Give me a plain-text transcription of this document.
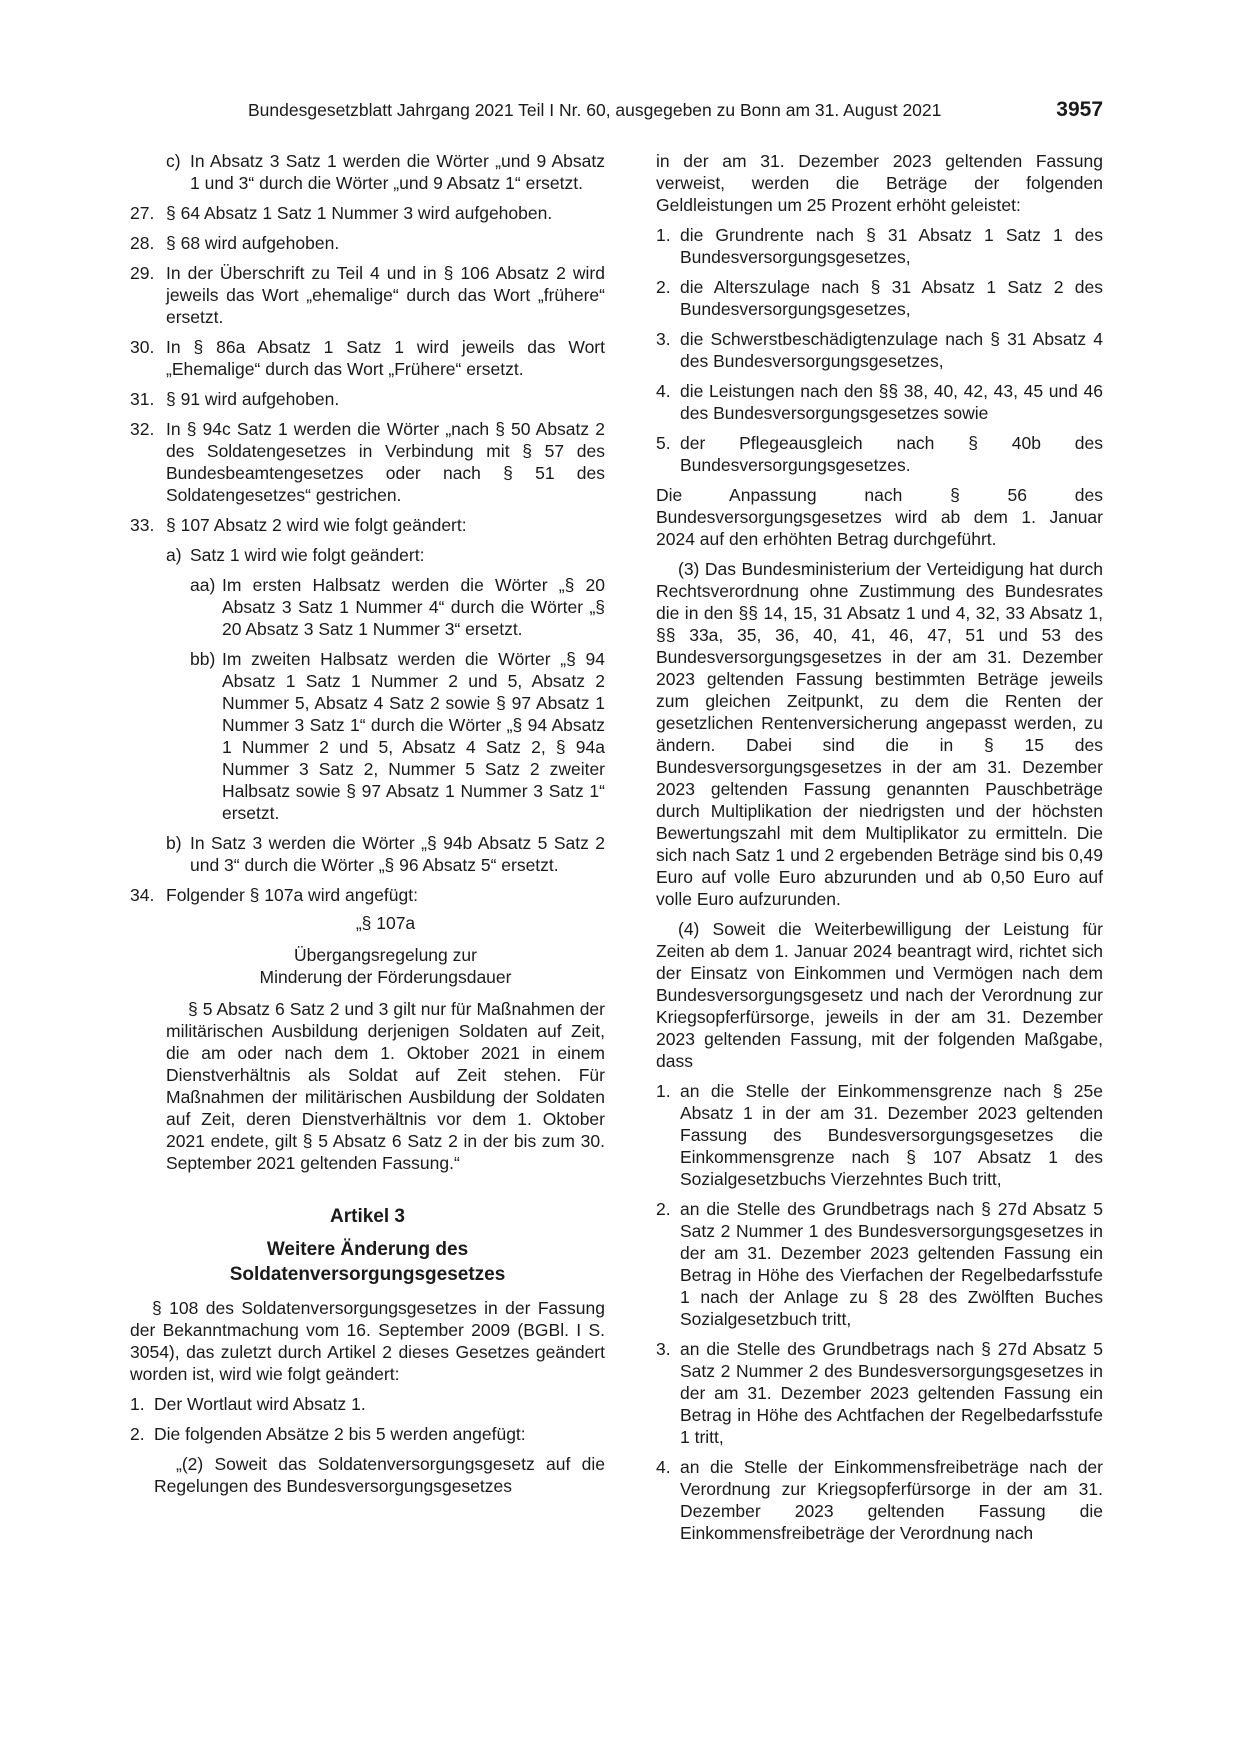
Bundesgesetzblatt Jahrgang 2021 Teil I Nr. 60, ausgegeben zu Bonn am 31. August 2021	3957
c) In Absatz 3 Satz 1 werden die Wörter „und 9 Absatz 1 und 3“ durch die Wörter „und 9 Absatz 1“ ersetzt.
27. § 64 Absatz 1 Satz 1 Nummer 3 wird aufgehoben.
28. § 68 wird aufgehoben.
29. In der Überschrift zu Teil 4 und in § 106 Absatz 2 wird jeweils das Wort „ehemalige“ durch das Wort „frühere“ ersetzt.
30. In § 86a Absatz 1 Satz 1 wird jeweils das Wort „Ehemalige“ durch das Wort „Frühere“ ersetzt.
31. § 91 wird aufgehoben.
32. In § 94c Satz 1 werden die Wörter „nach § 50 Absatz 2 des Soldatengesetzes in Verbindung mit § 57 des Bundesbeamtengesetzes oder nach § 51 des Soldatengesetzes“ gestrichen.
33. § 107 Absatz 2 wird wie folgt geändert:
a) Satz 1 wird wie folgt geändert:
aa) Im ersten Halbsatz werden die Wörter „§ 20 Absatz 3 Satz 1 Nummer 4“ durch die Wörter „§ 20 Absatz 3 Satz 1 Nummer 3“ ersetzt.
bb) Im zweiten Halbsatz werden die Wörter „§ 94 Absatz 1 Satz 1 Nummer 2 und 5, Absatz 2 Nummer 5, Absatz 4 Satz 2 sowie § 97 Absatz 1 Nummer 3 Satz 1“ durch die Wörter „§ 94 Absatz 1 Nummer 2 und 5, Absatz 4 Satz 2, § 94a Nummer 3 Satz 2, Nummer 5 Satz 2 zweiter Halbsatz sowie § 97 Absatz 1 Nummer 3 Satz 1“ ersetzt.
b) In Satz 3 werden die Wörter „§ 94b Absatz 5 Satz 2 und 3“ durch die Wörter „§ 96 Absatz 5“ ersetzt.
34. Folgender § 107a wird angefügt:
„§ 107a
Übergangsregelung zur
Minderung der Förderungsdauer
§ 5 Absatz 6 Satz 2 und 3 gilt nur für Maßnahmen der militärischen Ausbildung derjenigen Soldaten auf Zeit, die am oder nach dem 1. Oktober 2021 in einem Dienstverhältnis als Soldat auf Zeit stehen. Für Maßnahmen der militärischen Ausbildung der Soldaten auf Zeit, deren Dienstverhältnis vor dem 1. Oktober 2021 endete, gilt § 5 Absatz 6 Satz 2 in der bis zum 30. September 2021 geltenden Fassung.“
Artikel 3
Weitere Änderung des
Soldatenversorgungsgesetzes
§ 108 des Soldatenversorgungsgesetzes in der Fassung der Bekanntmachung vom 16. September 2009 (BGBl. I S. 3054), das zuletzt durch Artikel 2 dieses Gesetzes geändert worden ist, wird wie folgt geändert:
1. Der Wortlaut wird Absatz 1.
2. Die folgenden Absätze 2 bis 5 werden angefügt:
„(2) Soweit das Soldatenversorgungsgesetz auf die Regelungen des Bundesversorgungsgesetzes
in der am 31. Dezember 2023 geltenden Fassung verweist, werden die Beträge der folgenden Geldleistungen um 25 Prozent erhöht geleistet:
1. die Grundrente nach § 31 Absatz 1 Satz 1 des Bundesversorgungsgesetzes,
2. die Alterszulage nach § 31 Absatz 1 Satz 2 des Bundesversorgungsgesetzes,
3. die Schwerstbeschädigtenzulage nach § 31 Absatz 4 des Bundesversorgungsgesetzes,
4. die Leistungen nach den §§ 38, 40, 42, 43, 45 und 46 des Bundesversorgungsgesetzes sowie
5. der Pflegeausgleich nach § 40b des Bundesversorgungsgesetzes.
Die Anpassung nach § 56 des Bundesversorgungsgesetzes wird ab dem 1. Januar 2024 auf den erhöhten Betrag durchgeführt.
(3) Das Bundesministerium der Verteidigung hat durch Rechtsverordnung ohne Zustimmung des Bundesrates die in den §§ 14, 15, 31 Absatz 1 und 4, 32, 33 Absatz 1, §§ 33a, 35, 36, 40, 41, 46, 47, 51 und 53 des Bundesversorgungsgesetzes in der am 31. Dezember 2023 geltenden Fassung bestimmten Beträge jeweils zum gleichen Zeitpunkt, zu dem die Renten der gesetzlichen Rentenversicherung angepasst werden, zu ändern. Dabei sind die in § 15 des Bundesversorgungsgesetzes in der am 31. Dezember 2023 geltenden Fassung genannten Pauschbeträge durch Multiplikation der niedrigsten und der höchsten Bewertungszahl mit dem Multiplikator zu ermitteln. Die sich nach Satz 1 und 2 ergebenden Beträge sind bis 0,49 Euro auf volle Euro abzurunden und ab 0,50 Euro auf volle Euro aufzurunden.
(4) Soweit die Weiterbewilligung der Leistung für Zeiten ab dem 1. Januar 2024 beantragt wird, richtet sich der Einsatz von Einkommen und Vermögen nach dem Bundesversorgungsgesetz und nach der Verordnung zur Kriegsopferfürsorge, jeweils in der am 31. Dezember 2023 geltenden Fassung, mit der folgenden Maßgabe, dass
1. an die Stelle der Einkommensgrenze nach § 25e Absatz 1 in der am 31. Dezember 2023 geltenden Fassung des Bundesversorgungsgesetzes die Einkommensgrenze nach § 107 Absatz 1 des Sozialgesetzbuchs Vierzehntes Buch tritt,
2. an die Stelle des Grundbetrags nach § 27d Absatz 5 Satz 2 Nummer 1 des Bundesversorgungsgesetzes in der am 31. Dezember 2023 geltenden Fassung ein Betrag in Höhe des Vierfachen der Regelbedarfsstufe 1 nach der Anlage zu § 28 des Zwölften Buches Sozialgesetzbuch tritt,
3. an die Stelle des Grundbetrags nach § 27d Absatz 5 Satz 2 Nummer 2 des Bundesversorgungsgesetzes in der am 31. Dezember 2023 geltenden Fassung ein Betrag in Höhe des Achtfachen der Regelbedarfsstufe 1 tritt,
4. an die Stelle der Einkommensfreibeträge nach der Verordnung zur Kriegsopferfürsorge in der am 31. Dezember 2023 geltenden Fassung die Einkommensfreibeträge der Verordnung nach
